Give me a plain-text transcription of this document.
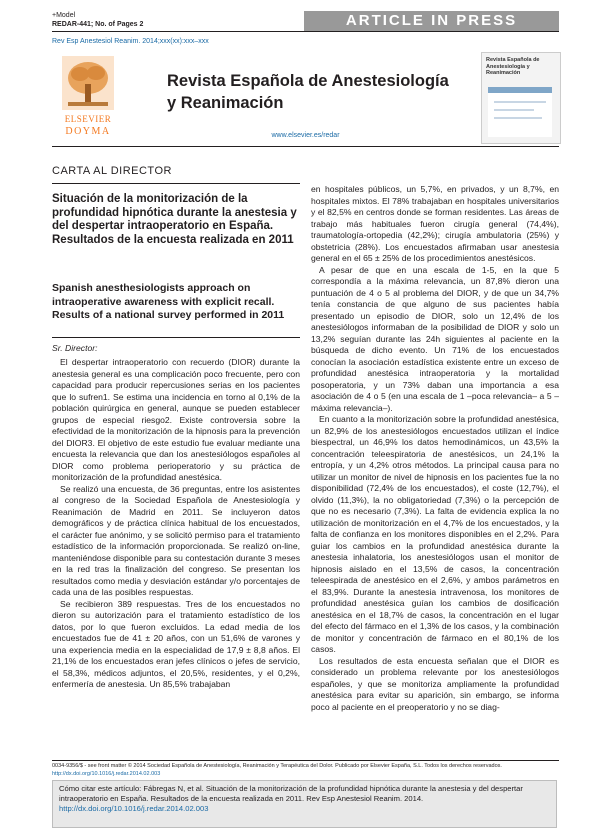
+Model
REDAR-441; No. of Pages 2	ARTICLE IN PRESS
Rev Esp Anestesiol Reanim. 2014;xxx(xx):xxx–xxx
ELSEVIER
DOYMA
Revista Española de Anestesiología
y Reanimación
www.elsevier.es/redar
Revista Española de Anestesiología y Reanimación
CARTA AL DIRECTOR
Situación de la monitorización de la profundidad hipnótica durante la anestesia y del despertar intraoperatorio en España. Resultados de la encuesta realizada en 2011
Spanish anesthesiologists approach on intraoperative awareness with explicit recall. Results of a national survey performed in 2011
Sr. Director:

El despertar intraoperatorio con recuerdo (DIOR) durante la anestesia general es una complicación poco frecuente, pero con capacidad para producir repercusiones serias en los pacientes que lo sufren1. Se estima una incidencia en torno al 0,1% de la población quirúrgica en general, aunque se pueden establecer grupos de especial riesgo2. Existe controversia sobre la efectividad de la monitorización de la hipnosis para la prevención del DIOR3. El objetivo de este estudio fue evaluar mediante una encuesta la relevancia que dan los anestesiólogos españoles al DIOR como problema perioperatorio y su práctica de monitorización de la profundidad anestésica.

Se realizó una encuesta, de 36 preguntas, entre los asistentes al congreso de la Sociedad Española de Anestesiología y Reanimación de Madrid en 2011. Se incluyeron datos demográficos y de práctica clínica habitual de los encuestados, el carácter fue anónimo, y se solicitó permiso para el tratamiento estadístico de la información proporcionada. Se realizó on-line, manteniéndose disponible para su contestación durante 3 meses en la red tras la finalización del congreso. Se presentan los resultados como media y desviación estándar y/o porcentajes de cada una de las posibles respuestas.

Se recibieron 389 respuestas. Tres de los encuestados no dieron su autorización para el tratamiento estadístico de los datos, por lo que fueron excluidos. La edad media de los encuestados fue de 41 ± 20 años, con un 51,6% de varones y una experiencia media en la especialidad de 17,9 ± 8,8 años. El 21,1% de los encuestados eran jefes clínicos o jefes de servicio, el 58,3%, médicos adjuntos, el 20,5%, residentes, y el 0,2%, enfermería de anestesia. Un 85,5% trabajaban

en hospitales públicos, un 5,7%, en privados, y un 8,7%, en hospitales mixtos. El 78% trabajaban en hospitales universitarios y el 82,5% en centros donde se forman residentes. Las áreas de trabajo más habituales fueron cirugía general (74,4%), traumatología-ortopedia (42,2%); cirugía ambulatoria (25%) y obstetricia (28%). Los encuestados afirmaban usar anestesia general en el 65 ± 25% de los procedimientos anestésicos.

A pesar de que en una escala de 1-5, en la que 5 correspondía a la máxima relevancia, un 87,8% dieron una puntuación de 4 o 5 al problema del DIOR, y de que un 34,7% tenía constancia de que alguno de sus pacientes había presentado un episodio de DIOR, solo un 12,4% de los anestesiólogos informaban de la posibilidad de DIOR y solo un 13,2% seguían durante las 24h siguientes al paciente en la búsqueda de dicho evento. Un 71% de los encuestados conocían la asociación estadística existente entre un exceso de profundidad anestésica intraoperatoria y la mortalidad posoperatoria, y un 73% daban una importancia a esa asociación de 4 o 5 (en una escala de 1 –poca relevancia– a 5 –máxima relevancia–).

En cuanto a la monitorización sobre la profundidad anestésica, un 82,9% de los anestesiólogos encuestados utilizan el índice biespectral, un 46,9% los datos hemodinámicos, un 43,5% la concentración teleespiratoria de anestésicos, un 24,1% la entropía, y un 4,2% otros métodos. La principal causa para no utilizar un monitor de nivel de hipnosis en los pacientes fue la no disponibilidad (72,4% de los encuestados), el coste (12,7%), el olvido (11,3%), la no obligatoriedad (7,3%) o la percepción de que no es necesario (7,3%). La falta de evidencia explica la no utilización de monitorización en el 4,7% de los encuestados, y la falta de confianza en los monitores disponibles en el 2,2%. Para guiar los cambios en la profundidad anestésica durante la anestesia inhalatoria, los anestesiólogos usan el monitor de hipnosis aislado en el 13,5% de casos, la concentración teleespirada de anestésico en el 2,6%, y ambos parámetros en el 83,9%. Durante la anestesia intravenosa, los monitores de profundidad anestésica guían los cambios de dosificación anestésica en el 18,7% de casos, la concentración en el lugar del efecto del fármaco en el 1,3% de los casos, y la combinación de monitor y concentración de fármaco en el 80,1% de los casos.

Los resultados de esta encuesta señalan que el DIOR es considerado un problema relevante por los anestesiólogos españoles, y que se monitoriza ampliamente la profundidad anestésica para evitar su aparición, sin embargo, se informa poco al paciente en el preoperatorio y no se diag-

0034-9356/$ - see front matter © 2014 Sociedad Española de Anestesiología, Reanimación y Terapéutica del Dolor. Publicado por Elsevier España, S.L. Todos los derechos reservados.
http://dx.doi.org/10.1016/j.redar.2014.02.003
Cómo citar este artículo: Fábregas N, et al. Situación de la monitorización de la profundidad hipnótica durante la anestesia y del despertar intraoperatorio en España. Resultados de la encuesta realizada en 2011. Rev Esp Anestesiol Reanim. 2014. http://dx.doi.org/10.1016/j.redar.2014.02.003
